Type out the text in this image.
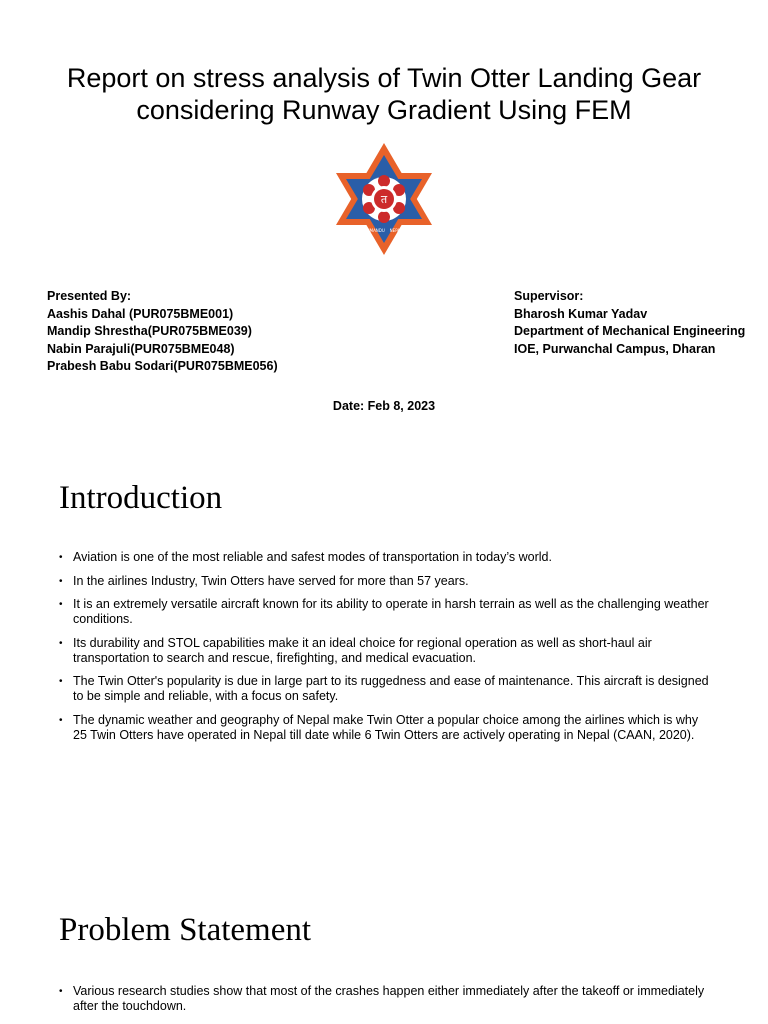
Report on stress analysis of Twin Otter Landing Gear considering Runway Gradient Using FEM
त
KATHMANDU NEPAL
Presented By:
Aashis Dahal (PUR075BME001)
Mandip Shrestha(PUR075BME039)
Nabin Parajuli(PUR075BME048)
Prabesh Babu Sodari(PUR075BME056)
Supervisor:
Bharosh Kumar Yadav
Department of Mechanical Engineering
IOE, Purwanchal Campus, Dharan
Date: Feb 8, 2023
Introduction
• Aviation is one of the most reliable and safest modes of transportation in today’s world.
• In the airlines Industry, Twin Otters have served for more than 57 years.
• It is an extremely versatile aircraft known for its ability to operate in harsh terrain as well as the challenging weather conditions.
• Its durability and STOL capabilities make it an ideal choice for regional operation as well as short-haul air transportation to search and rescue, firefighting, and medical evacuation.
• The Twin Otter's popularity is due in large part to its ruggedness and ease of maintenance. This aircraft is designed to be simple and reliable, with a focus on safety.
• The dynamic weather and geography of Nepal make Twin Otter a popular choice among the airlines which is why 25 Twin Otters have operated in Nepal till date while 6 Twin Otters are actively operating in Nepal (CAAN, 2020).
Problem Statement
• Various research studies show that most of the crashes happen either immediately after the takeoff or immediately after the touchdown.
